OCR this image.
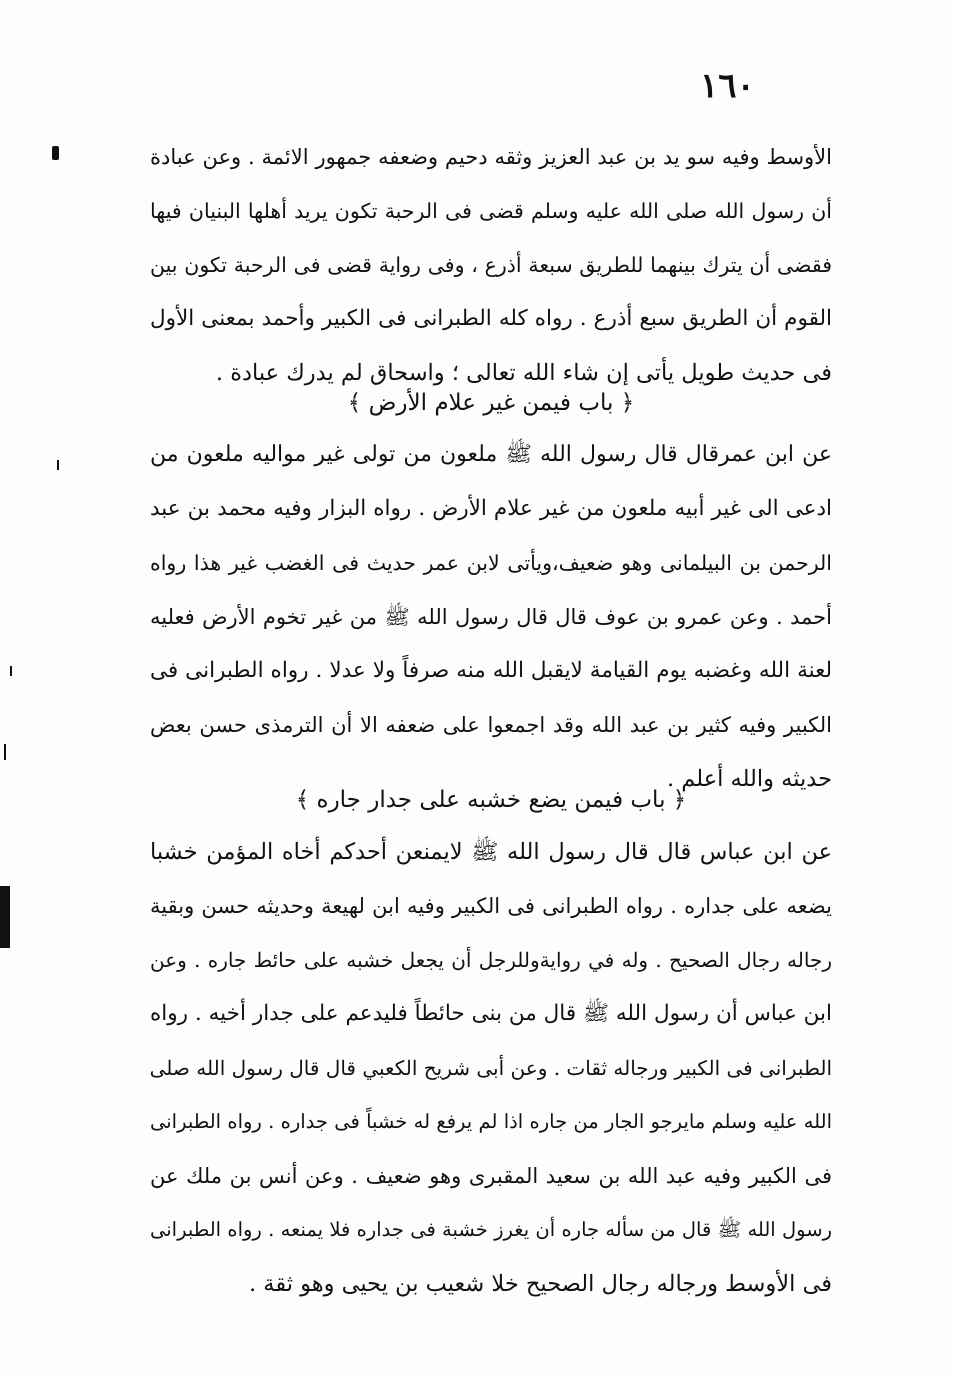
١٦٠
الأوسط وفيه سو يد بن عبد العزيز وثقه دحيم وضعفه جمهور الائمة . وعن عبادة
أن رسول الله صلى الله عليه وسلم قضى فى الرحبة تكون يريد أهلها البنيان فيها
فقضى أن يترك بينهما للطريق سبعة أذرع ، وفى رواية قضى فى الرحبة تكون بين
القوم أن الطريق سبع أذرع . رواه كله الطبرانى فى الكبير وأحمد بمعنى الأول
فى حديث طويل يأتى إن شاء الله تعالى ؛ واسحاق لم يدرك عبادة .
﴿ باب فيمن غير علام الأرض ﴾
عن ابن عمرقال قال رسول الله ﷺ ملعون من تولى غير مواليه ملعون من
ادعى الى غير أبيه ملعون من غير علام الأرض . رواه البزار وفيه محمد بن عبد
الرحمن بن البيلمانى وهو ضعيف،ويأتى لابن عمر حديث فى الغضب غير هذا رواه
أحمد . وعن عمرو بن عوف قال قال رسول الله ﷺ من غير تخوم الأرض فعليه
لعنة الله وغضبه يوم القيامة لايقبل الله منه صرفاً ولا عدلا . رواه الطبرانى فى
الكبير وفيه كثير بن عبد الله وقد اجمعوا على ضعفه الا أن الترمذى حسن بعض
حديثه والله أعلم .
﴿ باب فيمن يضع خشبه على جدار جاره ﴾
عن ابن عباس قال قال رسول الله ﷺ لايمنعن أحدكم أخاه المؤمن خشبا
يضعه على جداره . رواه الطبرانى فى الكبير وفيه ابن لهيعة وحديثه حسن وبقية
رجاله رجال الصحيح . وله في روايةوللرجل أن يجعل خشبه على حائط جاره . وعن
ابن عباس أن رسول الله ﷺ قال من بنى حائطاً فليدعم على جدار أخيه . رواه
الطبرانى فى الكبير ورجاله ثقات . وعن أبى شريح الكعبي قال قال رسول الله صلى
الله عليه وسلم مايرجو الجار من جاره اذا لم يرفع له خشباً فى جداره . رواه الطبرانى
فى الكبير وفيه عبد الله بن سعيد المقبرى وهو ضعيف . وعن أنس بن ملك عن
رسول الله ﷺ قال من سأله جاره أن يغرز خشبة فى جداره فلا يمنعه . رواه الطبرانى
فى الأوسط ورجاله رجال الصحيح خلا شعيب بن يحيى وهو ثقة .
